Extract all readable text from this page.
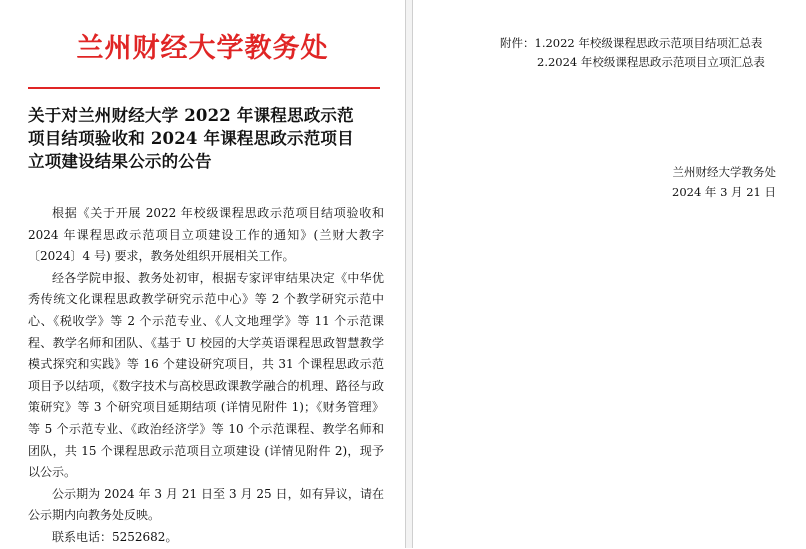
兰州财经大学教务处
关于对兰州财经大学 2022 年课程思政示范
项目结项验收和 2024 年课程思政示范项目
立项建设结果公示的公告

根据《关于开展 2022 年校级课程思政示范项目结项验收和 2024 年课程思政示范项目立项建设工作的通知》(兰财大教字〔2024〕4 号) 要求，教务处组织开展相关工作。

经各学院申报、教务处初审，根据专家评审结果决定《中华优秀传统文化课程思政教学研究示范中心》等 2 个教学研究示范中心、《税收学》等 2 个示范专业、《人文地理学》等 11 个示范课程、教学名师和团队、《基于 U 校园的大学英语课程思政智慧教学模式探究和实践》等 16 个建设研究项目，共 31 个课程思政示范项目予以结项，《数字技术与高校思政课教学融合的机理、路径与政策研究》等 3 个研究项目延期结项 (详情见附件 1)；《财务管理》等 5 个示范专业、《政治经济学》等 10 个示范课程、教学名师和团队，共 15 个课程思政示范项目立项建设 (详情见附件 2)，现予以公示。

公示期为 2024 年 3 月 21 日至 3 月 25 日，如有异议，请在公示期内向教务处反映。

联系电话：5252682。

附件：1.2022 年校级课程思政示范项目结项汇总表
2.2024 年校级课程思政示范项目立项汇总表
兰州财经大学教务处
2024 年 3 月 21 日
